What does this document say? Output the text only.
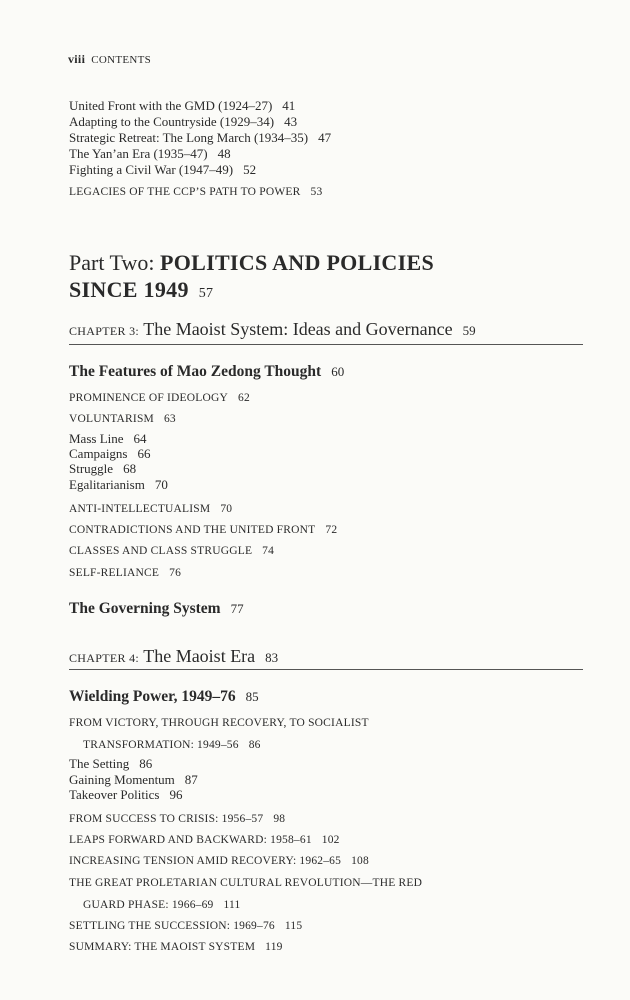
viii CONTENTS
United Front with the GMD (1924–27) 41
Adapting to the Countryside (1929–34) 43
Strategic Retreat: The Long March (1934–35) 47
The Yan’an Era (1935–47) 48
Fighting a Civil War (1947–49) 52
LEGACIES OF THE CCP’S PATH TO POWER 53
Part Two: POLITICS AND POLICIES
SINCE 1949 57
CHAPTER 3: The Maoist System: Ideas and Governance 59
The Features of Mao Zedong Thought 60
PROMINENCE OF IDEOLOGY 62
VOLUNTARISM 63
Mass Line 64
Campaigns 66
Struggle 68
Egalitarianism 70
ANTI-INTELLECTUALISM 70
CONTRADICTIONS AND THE UNITED FRONT 72
CLASSES AND CLASS STRUGGLE 74
SELF-RELIANCE 76
The Governing System 77
CHAPTER 4: The Maoist Era 83
Wielding Power, 1949–76 85
FROM VICTORY, THROUGH RECOVERY, TO SOCIALIST
TRANSFORMATION: 1949–56 86
The Setting 86
Gaining Momentum 87
Takeover Politics 96
FROM SUCCESS TO CRISIS: 1956–57 98
LEAPS FORWARD AND BACKWARD: 1958–61 102
INCREASING TENSION AMID RECOVERY: 1962–65 108
THE GREAT PROLETARIAN CULTURAL REVOLUTION—THE RED
GUARD PHASE: 1966–69 111
SETTLING THE SUCCESSION: 1969–76 115
SUMMARY: THE MAOIST SYSTEM 119
